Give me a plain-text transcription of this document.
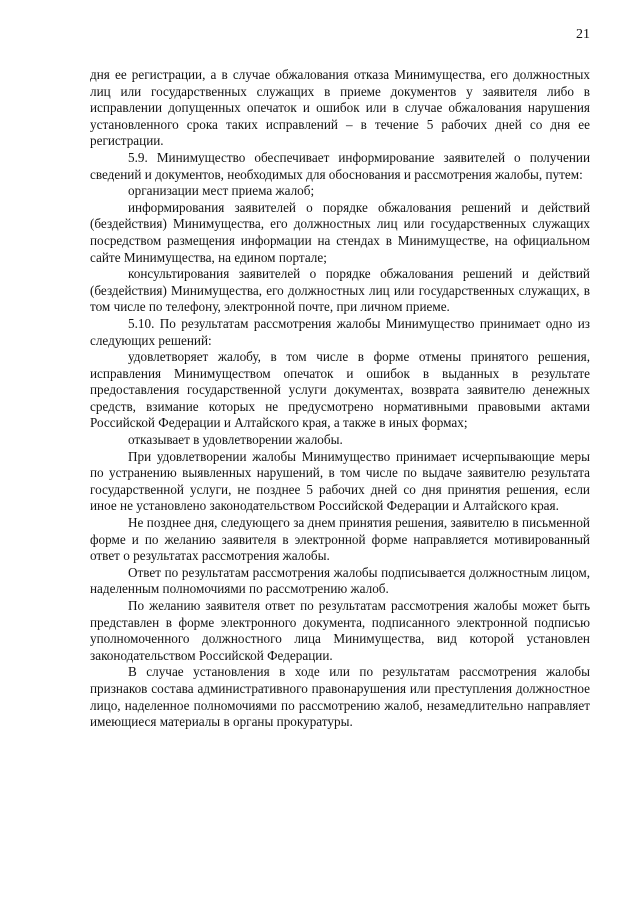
21

дня ее регистрации, а в случае обжалования отказа Минимущества, его должностных лиц или государственных служащих в приеме документов у заявителя либо в исправлении допущенных опечаток и ошибок или в случае обжалования нарушения установленного срока таких исправлений – в течение 5 рабочих дней со дня ее регистрации.

5.9. Минимущество обеспечивает информирование заявителей о получении сведений и документов, необходимых для обоснования и рассмотрения жалобы, путем:

организации мест приема жалоб;

информирования заявителей о порядке обжалования решений и действий (бездействия) Минимущества, его должностных лиц или государственных служащих посредством размещения информации на стендах в Минимуществе, на официальном сайте Минимущества, на едином портале;

консультирования заявителей о порядке обжалования решений и действий (бездействия) Минимущества, его должностных лиц или государственных служащих, в том числе по телефону, электронной почте, при личном приеме.

5.10. По результатам рассмотрения жалобы Минимущество принимает одно из следующих решений:

удовлетворяет жалобу, в том числе в форме отмены принятого решения, исправления Минимуществом опечаток и ошибок в выданных в результате предоставления государственной услуги документах, возврата заявителю денежных средств, взимание которых не предусмотрено нормативными правовыми актами Российской Федерации и Алтайского края, а также в иных формах;

отказывает в удовлетворении жалобы.

При удовлетворении жалобы Минимущество принимает исчерпывающие меры по устранению выявленных нарушений, в том числе по выдаче заявителю результата государственной услуги, не позднее 5 рабочих дней со дня принятия решения, если иное не установлено законодательством Российской Федерации и Алтайского края.

Не позднее дня, следующего за днем принятия решения, заявителю в письменной форме и по желанию заявителя в электронной форме направляется мотивированный ответ о результатах рассмотрения жалобы.

Ответ по результатам рассмотрения жалобы подписывается должностным лицом, наделенным полномочиями по рассмотрению жалоб.

По желанию заявителя ответ по результатам рассмотрения жалобы может быть представлен в форме электронного документа, подписанного электронной подписью уполномоченного должностного лица Минимущества, вид которой установлен законодательством Российской Федерации.

В случае установления в ходе или по результатам рассмотрения жалобы признаков состава административного правонарушения или преступления должностное лицо, наделенное полномочиями по рассмотрению жалоб, незамедлительно направляет имеющиеся материалы в органы прокуратуры.
